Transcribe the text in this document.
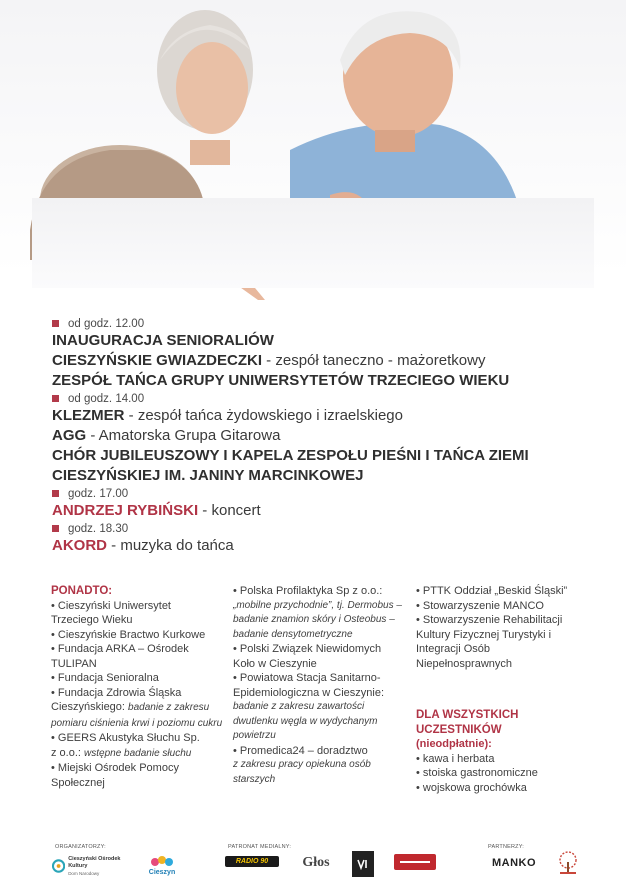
od godz. 12.00
INAUGURACJA SENIORALIÓW
CIESZYŃSKIE GWIAZDECZKI - zespół taneczno - mażoretkowy
ZESPÓŁ TAŃCA GRUPY UNIWERSYTETÓW TRZECIEGO WIEKU
od godz. 14.00
KLEZMER - zespół tańca żydowskiego i izraelskiego
AGG - Amatorska Grupa Gitarowa
CHÓR JUBILEUSZOWY I KAPELA ZESPOŁU PIEŚNI I TAŃCA ZIEMI
CIESZYŃSKIEJ IM. JANINY MARCINKOWEJ
godz. 17.00
ANDRZEJ RYBIŃSKI - koncert
godz. 18.30
AKORD - muzyka do tańca
PONADTO:
• Cieszyński Uniwersytet
Trzeciego Wieku
• Cieszyńskie Bractwo Kurkowe
• Fundacja ARKA – Ośrodek
TULIPAN
• Fundacja Senioralna
• Fundacja Zdrowia Śląska
Cieszyńskiego: badanie z zakresu pomiaru ciśnienia krwi i poziomu cukru
• GEERS Akustyka Słuchu Sp.
z o.o.: wstępne badanie słuchu
• Miejski Ośrodek Pomocy
Społecznej
• Polska Profilaktyka Sp z o.o.:
„mobilne przychodnie”, tj. Dermobus – badanie znamion skóry i Osteobus – badanie densytometryczne
• Polski Związek Niewidomych
Koło w Cieszynie
• Powiatowa Stacja Sanitarno-
Epidemiologiczna w Cieszynie:
badanie z zakresu zawartości dwutlenku węgla w wydychanym powietrzu
• Promedica24 – doradztwo
z zakresu pracy opiekuna osób starszych
• PTTK Oddział „Beskid Śląski”
• Stowarzyszenie MANCO
• Stowarzyszenie Rehabilitacji
Kultury Fizycznej Turystyki i
Integracji Osób
Niepełnosprawnych
DLA WSZYSTKICH
UCZESTNIKÓW
(nieodpłatnie):
• kawa i herbata
• stoiska gastronomiczne
• wojskowa grochówka
ORGANIZATORZY:	PATRONAT MEDIALNY:	PARTNERZY:
Cieszyński Ośrodek Kultury
Dom Narodowy	Cieszyn
RADIO 90 Głos	MANKO
